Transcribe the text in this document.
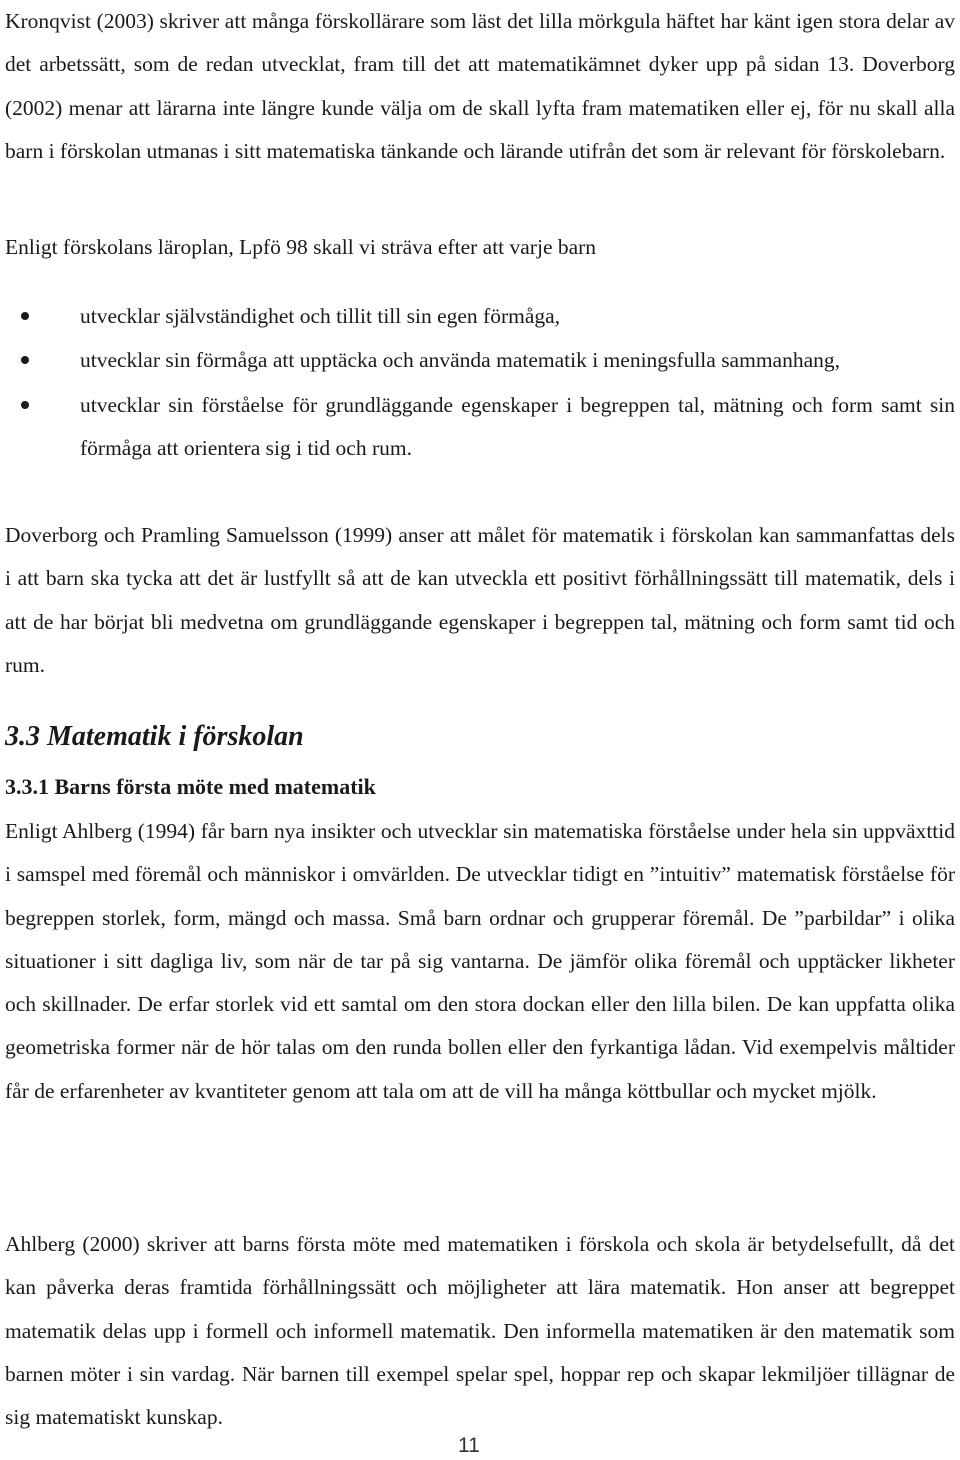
Kronqvist (2003) skriver att många förskollärare som läst det lilla mörkgula häftet har känt igen stora delar av det arbetssätt, som de redan utvecklat, fram till det att matematikämnet dyker upp på sidan 13. Doverborg (2002) menar att lärarna inte längre kunde välja om de skall lyfta fram matematiken eller ej, för nu skall alla barn i förskolan utmanas i sitt matematiska tänkande och lärande utifrån det som är relevant för förskolebarn.

Enligt förskolans läroplan, Lpfö 98 skall vi sträva efter att varje barn

utvecklar självständighet och tillit till sin egen förmåga,
utvecklar sin förmåga att upptäcka och använda matematik i meningsfulla sammanhang,
utvecklar sin förståelse för grundläggande egenskaper i begreppen tal, mätning och form samt sin förmåga att orientera sig i tid och rum.

Doverborg och Pramling Samuelsson (1999) anser att målet för matematik i förskolan kan sammanfattas dels i att barn ska tycka att det är lustfyllt så att de kan utveckla ett positivt förhållningssätt till matematik, dels i att de har börjat bli medvetna om grundläggande egenskaper i begreppen tal, mätning och form samt tid och rum.

3.3 Matematik i förskolan
3.3.1 Barns första möte med matematik

Enligt Ahlberg (1994) får barn nya insikter och utvecklar sin matematiska förståelse under hela sin uppväxttid i samspel med föremål och människor i omvärlden. De utvecklar tidigt en ”intuitiv” matematisk förståelse för begreppen storlek, form, mängd och massa. Små barn ordnar och grupperar föremål. De ”parbildar” i olika situationer i sitt dagliga liv, som när de tar på sig vantarna. De jämför olika föremål och upptäcker likheter och skillnader. De erfar storlek vid ett samtal om den stora dockan eller den lilla bilen. De kan uppfatta olika geometriska former när de hör talas om den runda bollen eller den fyrkantiga lådan. Vid exempelvis måltider får de erfarenheter av kvantiteter genom att tala om att de vill ha många köttbullar och mycket mjölk.

Ahlberg (2000) skriver att barns första möte med matematiken i förskola och skola är betydelsefullt, då det kan påverka deras framtida förhållningssätt och möjligheter att lära matematik. Hon anser att begreppet matematik delas upp i formell och informell matematik. Den informella matematiken är den matematik som barnen möter i sin vardag. När barnen till exempel spelar spel, hoppar rep och skapar lekmiljöer tillägnar de sig matematiskt kunskap.

11
